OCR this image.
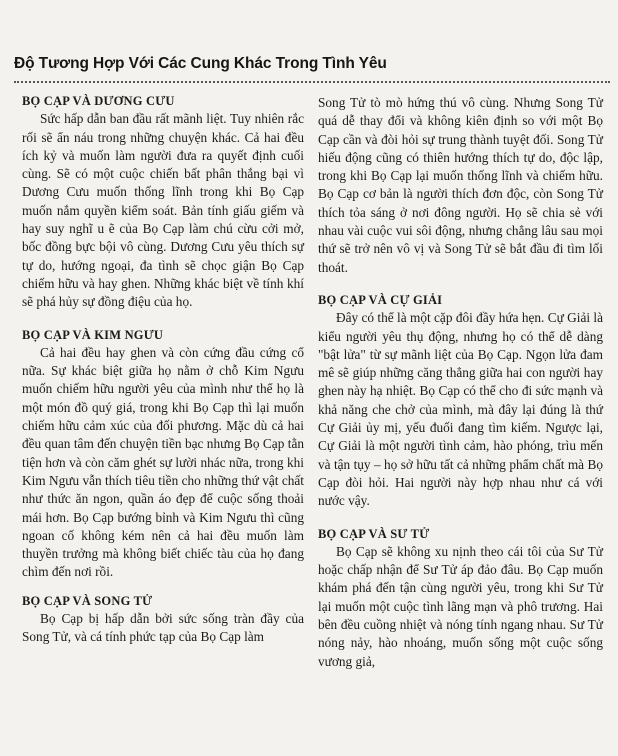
Độ Tương Hợp Với Các Cung Khác Trong Tình Yêu

BỌ CẠP VÀ DƯƠNG CƯU

Sức hấp dẫn ban đầu rất mãnh liệt. Tuy nhiên rắc rối sẽ ẩn náu trong những chuyện khác. Cả hai đều ích kỷ và muốn làm người đưa ra quyết định cuối cùng. Sẽ có một cuộc chiến bất phân thắng bại vì Dương Cưu muốn thống lĩnh trong khi Bọ Cạp muốn nắm quyền kiểm soát. Bản tính giấu giếm và hay suy nghĩ u ẽ của Bọ Cạp làm chú cừu cởi mở, bốc đồng bực bội vô cùng. Dương Cưu yêu thích sự tự do, hướng ngoại, đa tình sẽ chọc giận Bọ Cạp chiếm hữu và hay ghen. Những khác biệt về tính khí sẽ phá hủy sự đồng điệu của họ.

BỌ CẠP VÀ KIM NGƯU

Cả hai đều hay ghen và còn cứng đầu cứng cổ nữa. Sự khác biệt giữa họ nằm ở chỗ Kim Ngưu muốn chiếm hữu người yêu của mình như thể họ là một món đồ quý giá, trong khi Bọ Cạp thì lại muốn chiếm hữu cảm xúc của đối phương. Mặc dù cả hai đều quan tâm đến chuyện tiền bạc nhưng Bọ Cạp tằn tiện hơn và còn căm ghét sự lười nhác nữa, trong khi Kim Ngưu vẫn thích tiêu tiền cho những thứ vật chất như thức ăn ngon, quần áo đẹp để cuộc sống thoải mái hơn. Bọ Cạp bướng bỉnh và Kim Ngưu thì cũng ngoan cố không kém nên cả hai đều muốn làm thuyền trưởng mà không biết chiếc tàu của họ đang chìm đến nơi rồi.

BỌ CẠP VÀ SONG TỬ

Bọ Cạp bị hấp dẫn bởi sức sống tràn đầy của Song Tử, và cá tính phức tạp của Bọ Cạp làm

Song Tử tò mò hứng thú vô cùng. Nhưng Song Tử quá dễ thay đổi và không kiên định so với một Bọ Cạp cần và đòi hỏi sự trung thành tuyệt đối. Song Tử hiếu động cũng có thiên hướng thích tự do, độc lập, trong khi Bọ Cạp lại muốn thống lĩnh và chiếm hữu. Bọ Cạp cơ bản là người thích đơn độc, còn Song Tử thích tỏa sáng ở nơi đông người. Họ sẽ chia sẻ với nhau vài cuộc vui sôi động, nhưng chẳng lâu sau mọi thứ sẽ trở nên vô vị và Song Tử sẽ bắt đầu đi tìm lối thoát.

BỌ CẠP VÀ CỰ GIẢI

Đây có thể là một cặp đôi đầy hứa hẹn. Cự Giải là kiểu người yêu thụ động, nhưng họ có thể dễ dàng "bật lửa" từ sự mãnh liệt của Bọ Cạp. Ngọn lửa đam mê sẽ giúp những căng thẳng giữa hai con người hay ghen này hạ nhiệt. Bọ Cạp có thể cho đi sức mạnh và khả năng che chở của mình, mà đây lại đúng là thứ Cự Giải ủy mị, yếu đuối đang tìm kiếm. Ngược lại, Cự Giải là một người tình cảm, hào phóng, trìu mến và tận tụy – họ sở hữu tất cả những phẩm chất mà Bọ Cạp đòi hỏi. Hai người này hợp nhau như cá với nước vậy.

BỌ CẠP VÀ SƯ TỬ

Bọ Cạp sẽ không xu nịnh theo cái tôi của Sư Tử hoặc chấp nhận để Sư Tử áp đảo đâu. Bọ Cạp muốn khám phá đến tận cùng người yêu, trong khi Sư Tử lại muốn một cuộc tình lãng mạn và phô trương. Hai bên đều cuồng nhiệt và nóng tính ngang nhau. Sư Tử nóng nảy, hào nhoáng, muốn sống một cuộc sống vương giả,
